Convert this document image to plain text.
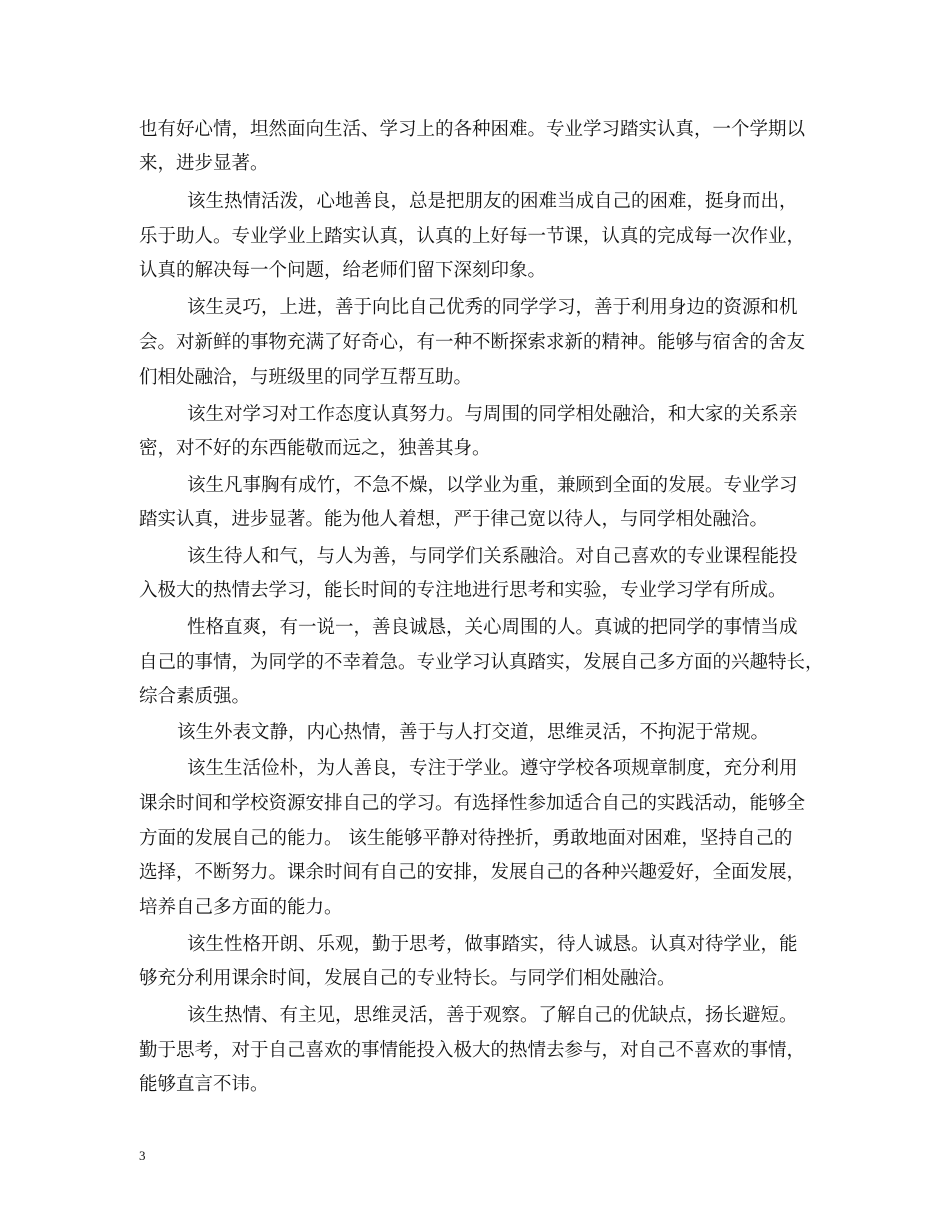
也有好心情，坦然面向生活、学习上的各种困难。专业学习踏实认真，一个学期以
来，进步显著。
该生热情活泼，心地善良，总是把朋友的困难当成自己的困难，挺身而出，
乐于助人。专业学业上踏实认真，认真的上好每一节课，认真的完成每一次作业，
认真的解决每一个问题，给老师们留下深刻印象。
该生灵巧，上进，善于向比自己优秀的同学学习，善于利用身边的资源和机
会。对新鲜的事物充满了好奇心，有一种不断探索求新的精神。能够与宿舍的舍友
们相处融洽，与班级里的同学互帮互助。
该生对学习对工作态度认真努力。与周围的同学相处融洽，和大家的关系亲
密，对不好的东西能敬而远之，独善其身。
该生凡事胸有成竹，不急不燥，以学业为重，兼顾到全面的发展。专业学习
踏实认真，进步显著。能为他人着想，严于律己宽以待人，与同学相处融洽。
该生待人和气，与人为善，与同学们关系融洽。对自己喜欢的专业课程能投
入极大的热情去学习，能长时间的专注地进行思考和实验，专业学习学有所成。
性格直爽，有一说一，善良诚恳，关心周围的人。真诚的把同学的事情当成
自己的事情，为同学的不幸着急。专业学习认真踏实，发展自己多方面的兴趣特长，
综合素质强。
该生外表文静，内心热情，善于与人打交道，思维灵活，不拘泥于常规。
该生生活俭朴，为人善良，专注于学业。遵守学校各项规章制度，充分利用
课余时间和学校资源安排自己的学习。有选择性参加适合自己的实践活动，能够全
方面的发展自己的能力。 该生能够平静对待挫折，勇敢地面对困难，坚持自己的
选择，不断努力。课余时间有自己的安排，发展自己的各种兴趣爱好，全面发展，
培养自己多方面的能力。
该生性格开朗、乐观，勤于思考，做事踏实，待人诚恳。认真对待学业，能
够充分利用课余时间，发展自己的专业特长。与同学们相处融洽。
该生热情、有主见，思维灵活，善于观察。了解自己的优缺点，扬长避短。
勤于思考，对于自己喜欢的事情能投入极大的热情去参与，对自己不喜欢的事情，
能够直言不讳。
3
